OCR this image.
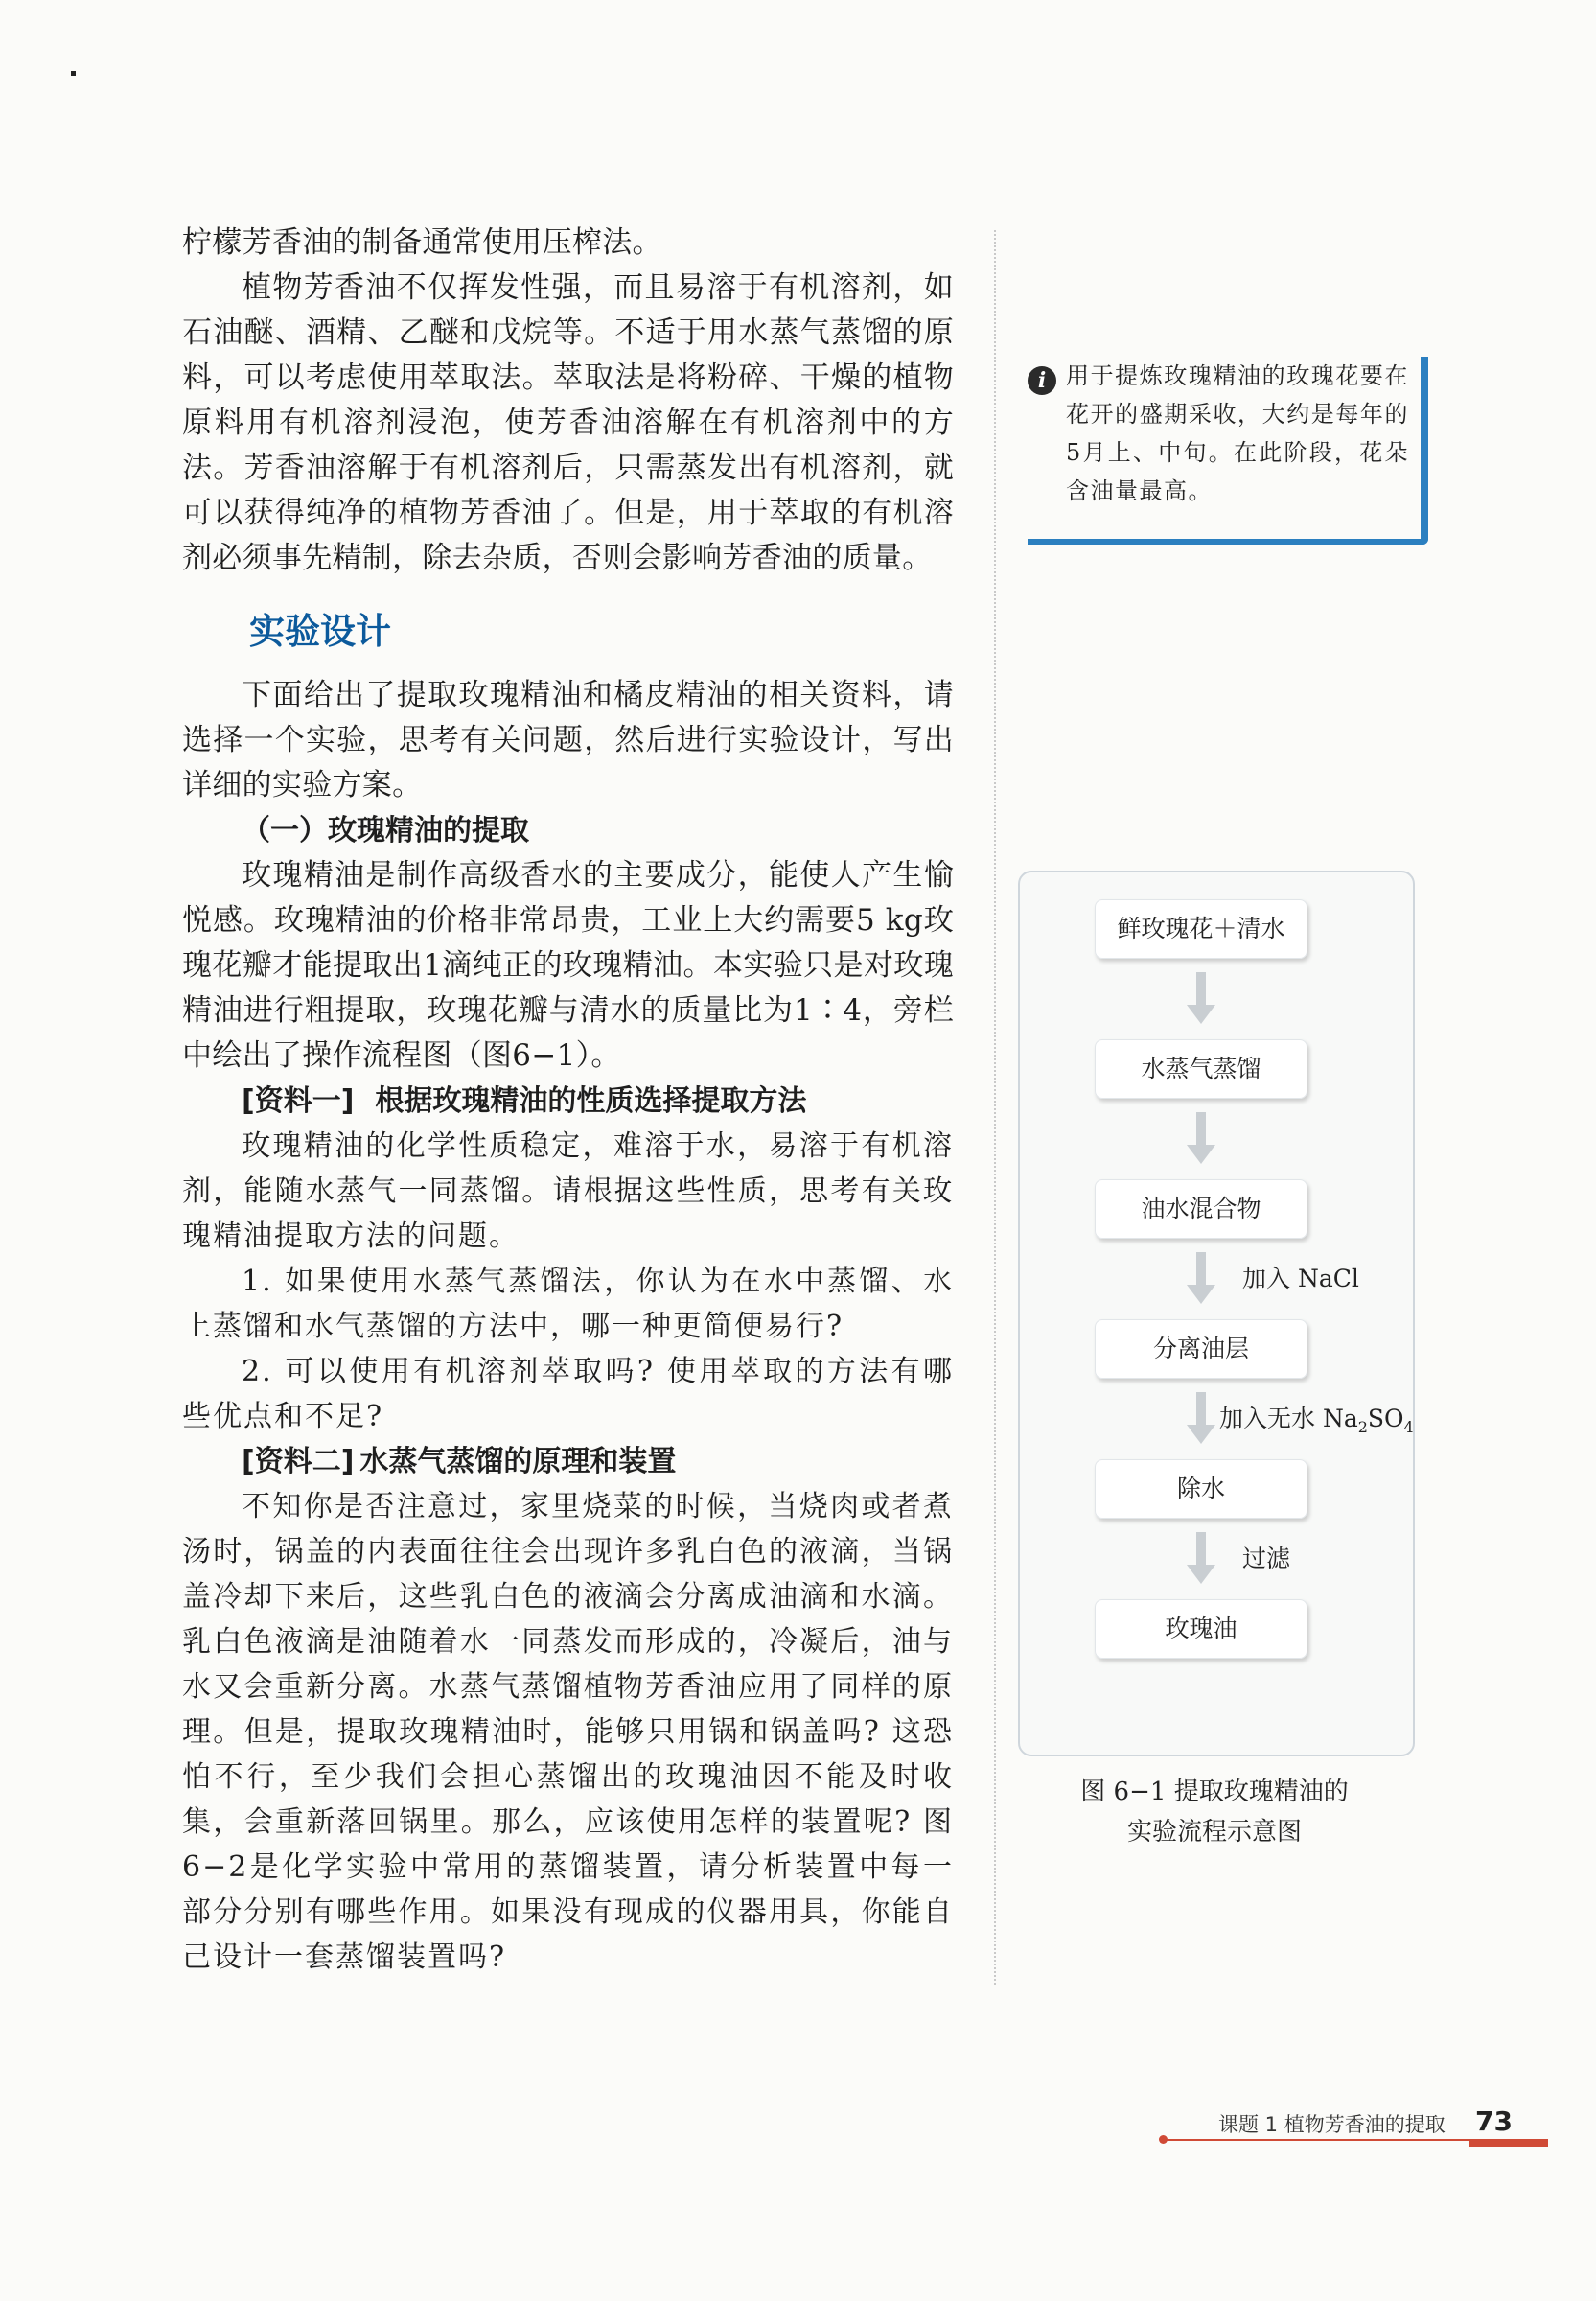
柠檬芳香油的制备通常使用压榨法。

植物芳香油不仅挥发性强，而且易溶于有机溶剂，如石油醚、酒精、乙醚和戊烷等。不适于用水蒸气蒸馏的原料，可以考虑使用萃取法。萃取法是将粉碎、干燥的植物原料用有机溶剂浸泡，使芳香油溶解在有机溶剂中的方法。芳香油溶解于有机溶剂后，只需蒸发出有机溶剂，就可以获得纯净的植物芳香油了。但是，用于萃取的有机溶剂必须事先精制，除去杂质，否则会影响芳香油的质量。

实验设计

下面给出了提取玫瑰精油和橘皮精油的相关资料，请选择一个实验，思考有关问题，然后进行实验设计，写出详细的实验方案。

（一）玫瑰精油的提取

玫瑰精油是制作高级香水的主要成分，能使人产生愉悦感。玫瑰精油的价格非常昂贵，工业上大约需要5 kg玫瑰花瓣才能提取出1滴纯正的玫瑰精油。本实验只是对玫瑰精油进行粗提取，玫瑰花瓣与清水的质量比为1∶4，旁栏中绘出了操作流程图（图6−1）。

[资料一] 根据玫瑰精油的性质选择提取方法

玫瑰精油的化学性质稳定，难溶于水，易溶于有机溶剂，能随水蒸气一同蒸馏。请根据这些性质，思考有关玫瑰精油提取方法的问题。

1. 如果使用水蒸气蒸馏法，你认为在水中蒸馏、水上蒸馏和水气蒸馏的方法中，哪一种更简便易行?

2. 可以使用有机溶剂萃取吗? 使用萃取的方法有哪些优点和不足?

[资料二] 水蒸气蒸馏的原理和装置

不知你是否注意过，家里烧菜的时候，当烧肉或者煮汤时，锅盖的内表面往往会出现许多乳白色的液滴，当锅盖冷却下来后，这些乳白色的液滴会分离成油滴和水滴。乳白色液滴是油随着水一同蒸发而形成的，冷凝后，油与水又会重新分离。水蒸气蒸馏植物芳香油应用了同样的原理。但是，提取玫瑰精油时，能够只用锅和锅盖吗? 这恐怕不行，至少我们会担心蒸馏出的玫瑰油因不能及时收集，会重新落回锅里。那么，应该使用怎样的装置呢? 图6−2是化学实验中常用的蒸馏装置，请分析装置中每一部分分别有哪些作用。如果没有现成的仪器用具，你能自己设计一套蒸馏装置吗?

i 用于提炼玫瑰精油的玫瑰花要在花开的盛期采收，大约是每年的5月上、中旬。在此阶段，花朵含油量最高。
鲜玫瑰花＋清水
水蒸气蒸馏
油水混合物
加入 NaCl
分离油层
加入无水 $Na_2SO_4$
除水
过滤
玫瑰油
图 6−1 提取玫瑰精油的
实验流程示意图
课题 1 植物芳香油的提取 73
